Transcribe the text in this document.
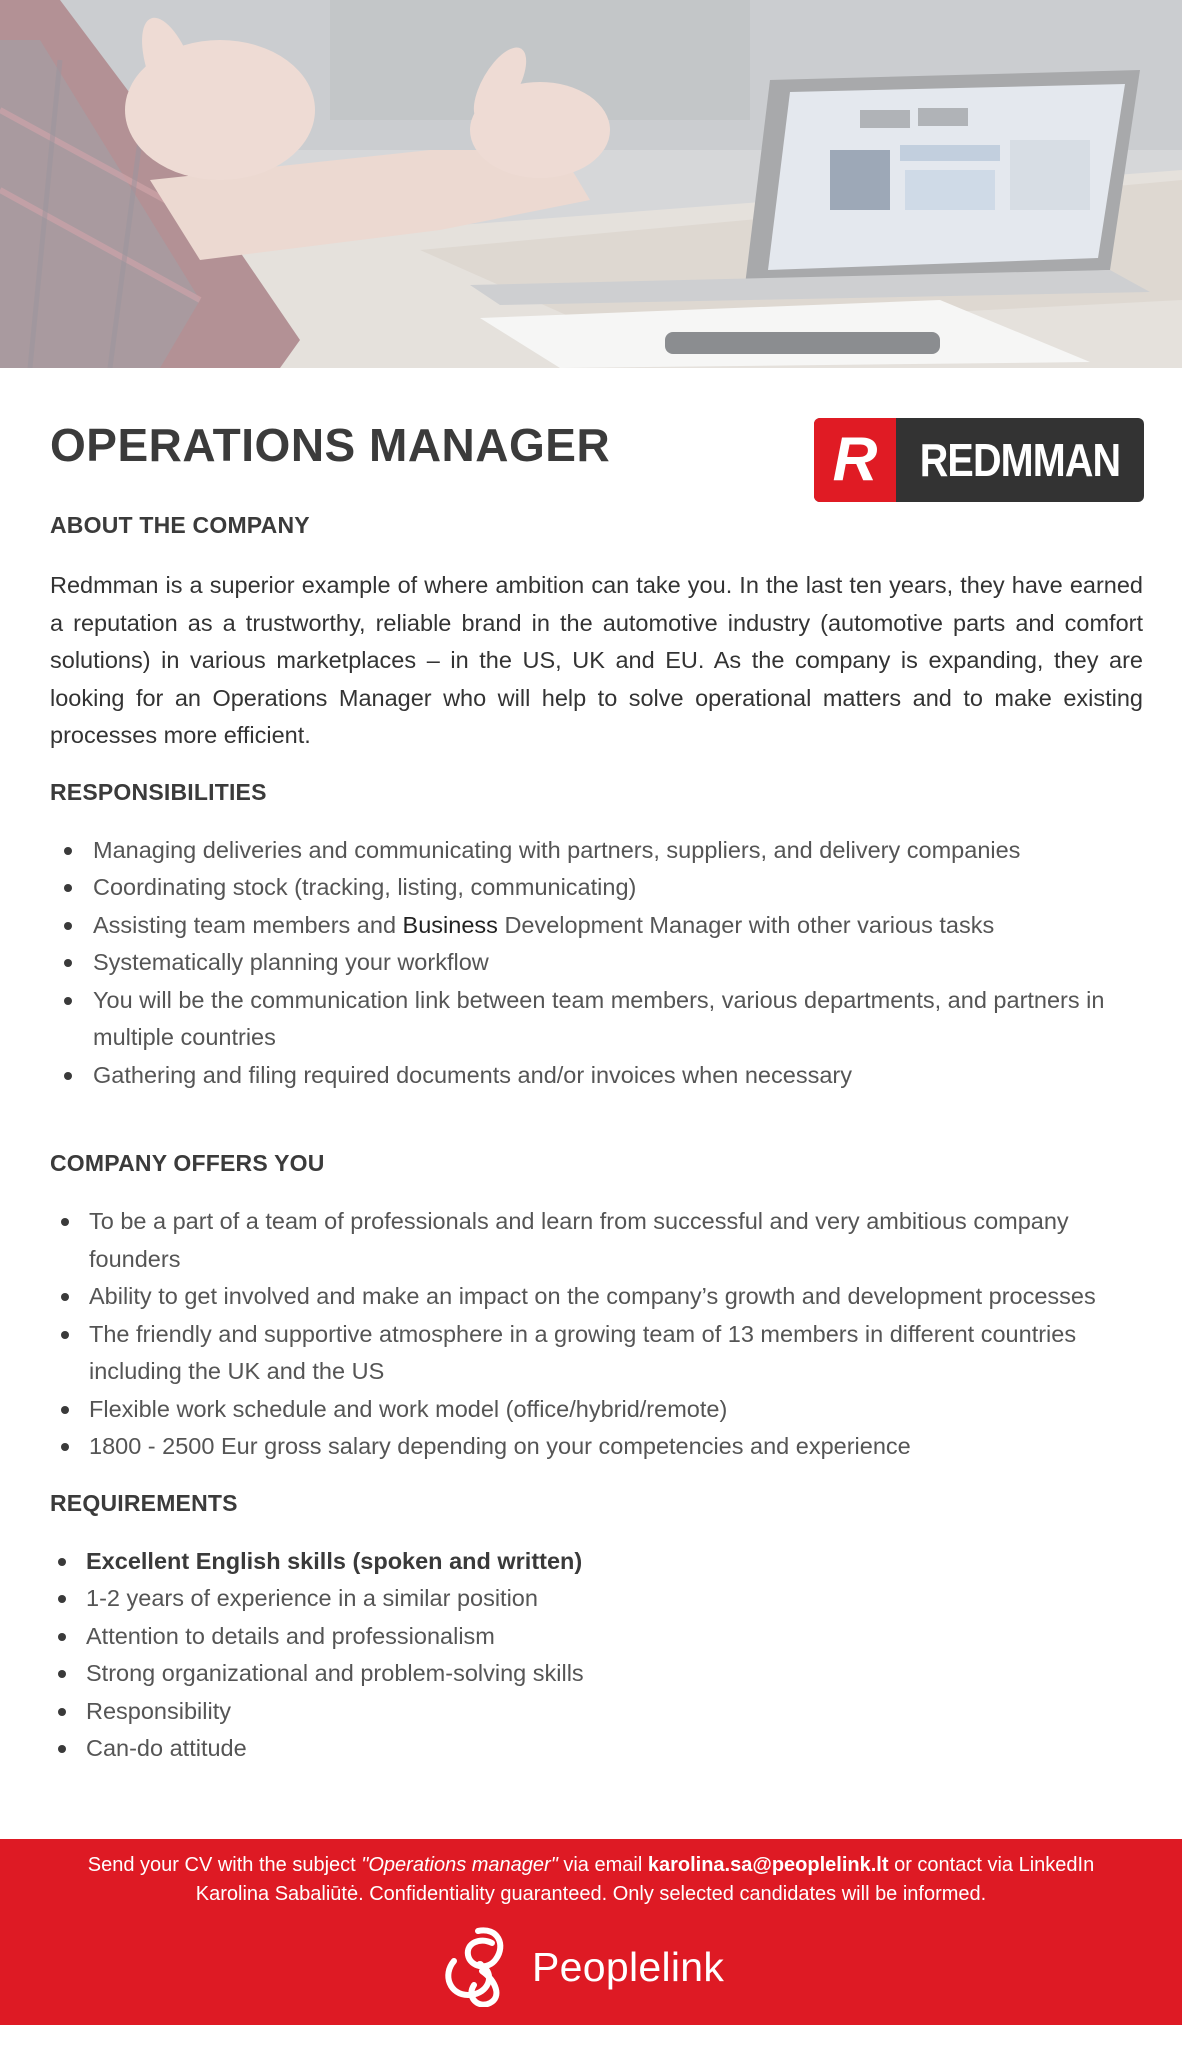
OPERATIONS MANAGER	R REDMMAN
ABOUT THE COMPANY

Redmman is a superior example of where ambition can take you. In the last ten years, they have earned a reputation as a trustworthy, reliable brand in the automotive industry (automotive parts and comfort solutions) in various marketplaces – in the US, UK and EU. As the company is expanding, they are looking for an Operations Manager who will help to solve operational matters and to make existing processes more efficient.

RESPONSIBILITIES
Managing deliveries and communicating with partners, suppliers, and delivery companies
Coordinating stock (tracking, listing, communicating)
Assisting team members and Business Development Manager with other various tasks
Systematically planning your workflow
You will be the communication link between team members, various departments, and partners in multiple countries
Gathering and filing required documents and/or invoices when necessary
COMPANY OFFERS YOU
To be a part of a team of professionals and learn from successful and very ambitious company founders
Ability to get involved and make an impact on the company’s growth and development processes
The friendly and supportive atmosphere in a growing team of 13 members in different countries including the UK and the US
Flexible work schedule and work model (office/hybrid/remote)
1800 - 2500 Eur gross salary depending on your competencies and experience
REQUIREMENTS
Excellent English skills (spoken and written)
1-2 years of experience in a similar position
Attention to details and professionalism
Strong organizational and problem-solving skills
Responsibility
Can-do attitude
Send your CV with the subject "Operations manager" via email karolina.sa@peoplelink.lt or contact via LinkedIn Karolina Sabaliūtė. Confidentiality guaranteed. Only selected candidates will be informed.
Peoplelink
